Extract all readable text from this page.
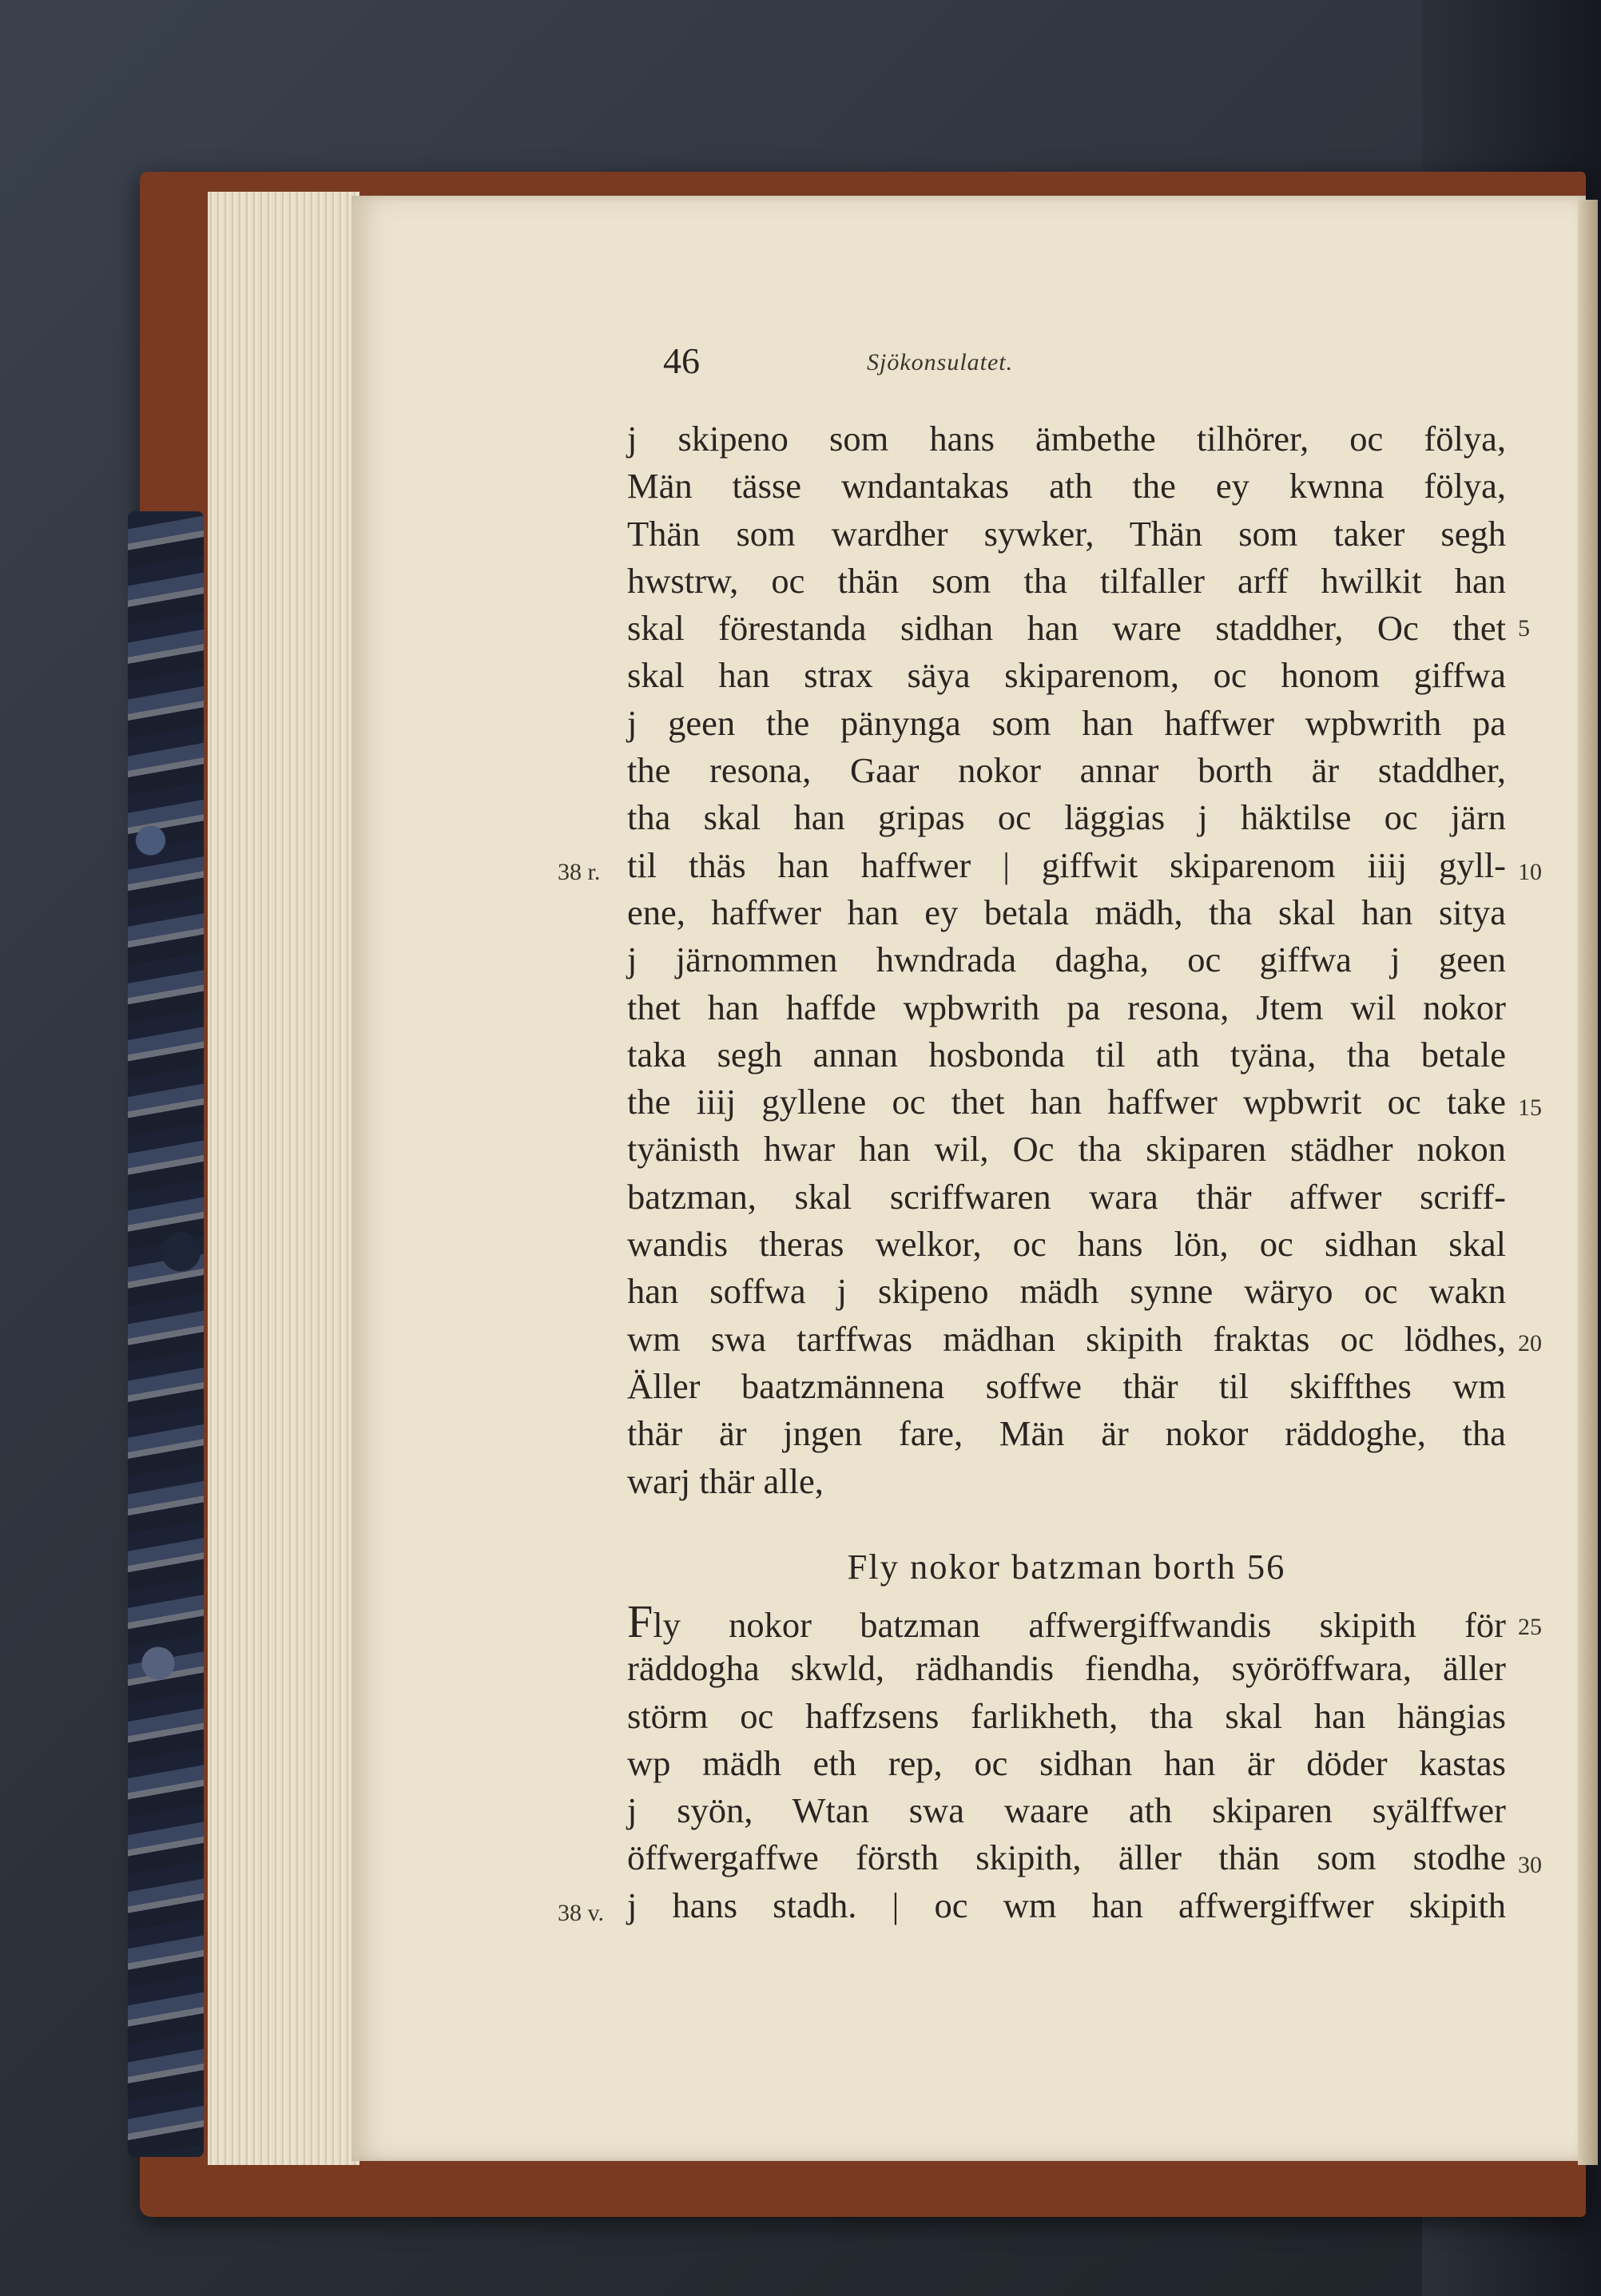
46	Sjökonsulatet.
j skipeno som hans ämbethe tilhörer, oc fölya,
Män tässe wndantakas ath the ey kwnna fölya,
Thän som wardher sywker, Thän som taker segh
hwstrw, oc thän som tha tilfaller arff hwilkit han
skal förestanda sidhan han ware staddher, Oc thet
skal han strax säya skiparenom, oc honom giffwa
j geen the pänynga som han haffwer wpbwrith pa
the resona, Gaar nokor annar borth är staddher,
tha skal han gripas oc läggias j häktilse oc järn
til thäs han haffwer | giffwit skiparenom iiij gyll-
ene, haffwer han ey betala mädh, tha skal han sitya
j järnommen hwndrada dagha, oc giffwa j geen
thet han haffde wpbwrith pa resona, Jtem wil nokor
taka segh annan hosbonda til ath tyäna, tha betale
the iiij gyllene oc thet han haffwer wpbwrit oc take
tyänisth hwar han wil, Oc tha skiparen städher nokon
batzman, skal scriffwaren wara thär affwer scriff-
wandis theras welkor, oc hans lön, oc sidhan skal
han soffwa j skipeno mädh synne wäryo oc wakn
wm swa tarffwas mädhan skipith fraktas oc lödhes,
Äller baatzmännena soffwe thär til skiffthes wm
thär är jngen fare, Män är nokor räddoghe, tha
warj thär alle,
Fly nokor batzman borth 56
Fly nokor batzman affwergiffwandis skipith för
räddogha skwld, rädhandis fiendha, syöröffwara, äller
störm oc haffzsens farlikheth, tha skal han hängias
wp mädh eth rep, oc sidhan han är döder kastas
j syön, Wtan swa waare ath skiparen syälffwer
öffwergaffwe försth skipith, äller thän som stodhe
j hans stadh. | oc wm han affwergiffwer skipith
38 r.
38 v.
5
10
15
20
25
30
